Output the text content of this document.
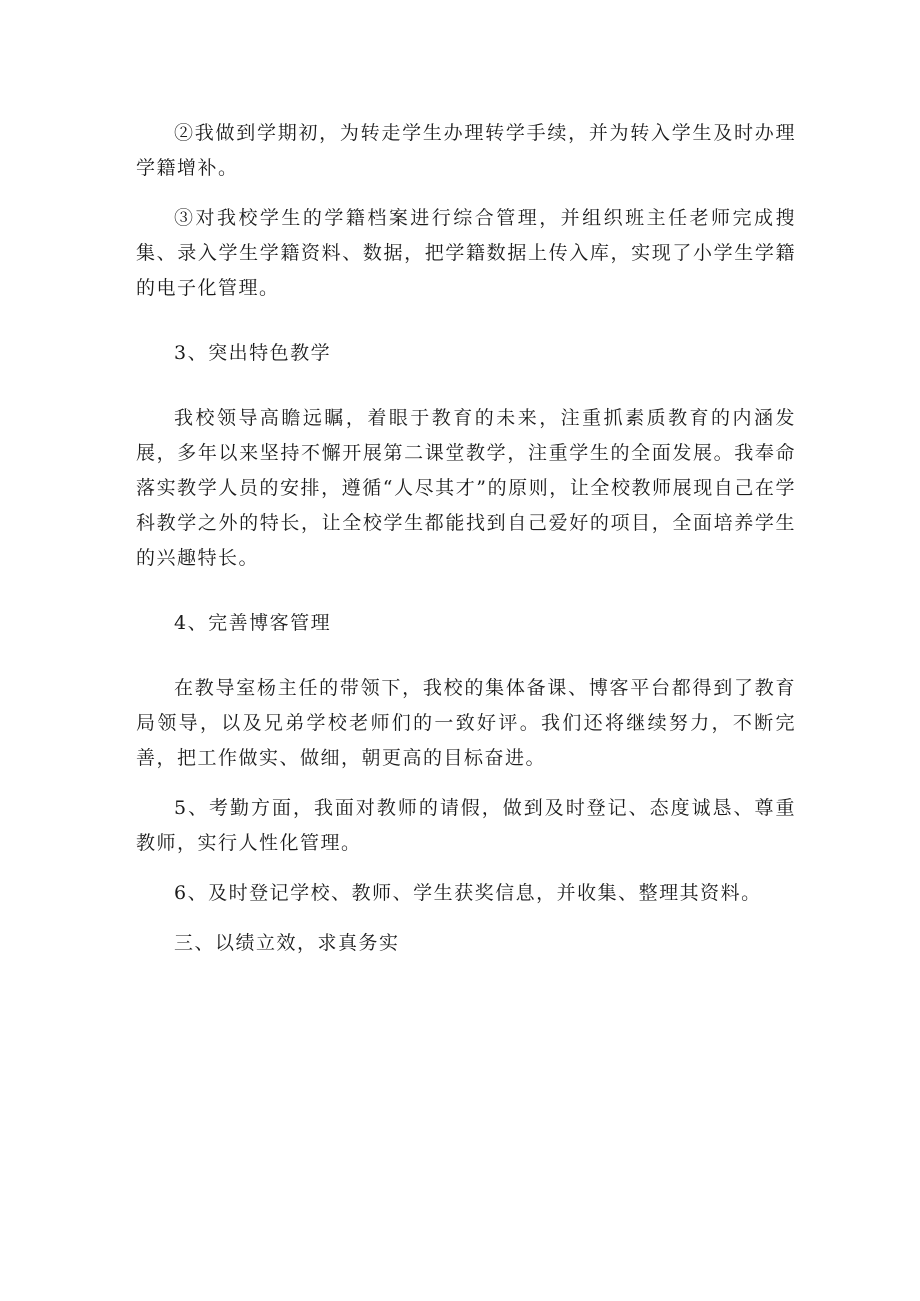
②我做到学期初，为转走学生办理转学手续，并为转入学生及时办理学籍增补。

③对我校学生的学籍档案进行综合管理，并组织班主任老师完成搜集、录入学生学籍资料、数据，把学籍数据上传入库，实现了小学生学籍的电子化管理。

3、突出特色教学

我校领导高瞻远瞩，着眼于教育的未来，注重抓素质教育的内涵发展，多年以来坚持不懈开展第二课堂教学，注重学生的全面发展。我奉命落实教学人员的安排，遵循“人尽其才”的原则，让全校教师展现自己在学科教学之外的特长，让全校学生都能找到自己爱好的项目，全面培养学生的兴趣特长。

4、完善博客管理

在教导室杨主任的带领下，我校的集体备课、博客平台都得到了教育局领导，以及兄弟学校老师们的一致好评。我们还将继续努力，不断完善，把工作做实、做细，朝更高的目标奋进。

5、考勤方面，我面对教师的请假，做到及时登记、态度诚恳、尊重教师，实行人性化管理。

6、及时登记学校、教师、学生获奖信息，并收集、整理其资料。

三、以绩立效，求真务实
